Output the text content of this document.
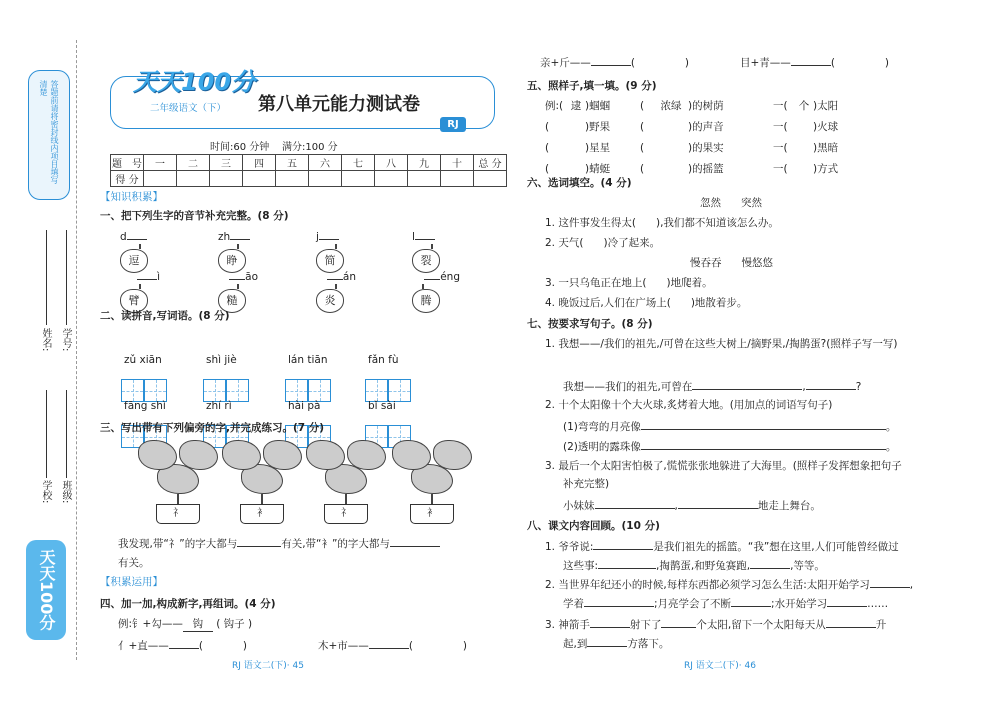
答题前请将密封线内项目填写清楚
姓名: 学号:
学校: 班级:
天天100分
天天100分
二年级语文（下） 第八单元能力测试卷
RJ
时间:60 分钟    满分:100 分
题　号	一	二	三	四	五	六	七	八	九	十	总 分
得 分											
【知识积累】
一、把下列生字的音节补充完整。(8 分)
d
逗
zh
睁
j
简
l
裂
ì
臂
āo
糙
án
炎
éng
腾
二、读拼音,写词语。(8 分)

zǔ xiān

	shì jiè

	lán tiān

	fǎn fù

fāng shì

	zhí rì

	hài pà

	bǐ sài

三、写出带有下列偏旁的字,并完成练习。(7 分)
礻	衤	礻	衤
我发现,带“礻”的字大都与	有关,带“衤”的字大都与
有关。
【积累运用】
四、加一加,构成新字,再组词。(4 分)
例:钅+勾—— 钩 ( 钩子 )
亻+直——	(	)	木+市——	(	)
RJ 语文二(下)· 45
亲+斤——	(	)	目+青——	(	)
五、照样子,填一填。(9 分)
例:( 逮 )蝈蝈	(	浓绿 )的树荫	一(	个 )太阳
(	)野果	(	)的声音	一(	)火球
(	)星星	(	)的果实	一(	)黑暗
(	)蜻蜓	(	)的摇篮	一(	)方式
六、选词填空。(4 分)
忽然      突然
1. 这件事发生得太(      ),我们都不知道该怎么办。
2. 天气(      )冷了起来。
慢吞吞      慢悠悠
3. 一只乌龟正在地上(      )地爬着。
4. 晚饭过后,人们在广场上(      )地散着步。
七、按要求写句子。(8 分)
1. 我想——/我们的祖先,/可曾在这些大树上/摘野果,/掏鹊蛋?(照样子写一写)
我想——我们的祖先,可曾在	,	?
2. 十个太阳像十个大火球,炙烤着大地。(用加点的词语写句子)
(1)弯弯的月亮像	。
(2)透明的露珠像	。
3. 最后一个太阳害怕极了,慌慌张张地躲进了大海里。(照样子发挥想象把句子
补充完整)
小妹妹	,	地走上舞台。
八、课文内容回顾。(10 分)
1. 爷爷说:	是我们祖先的摇篮。“我”想在这里,人们可能曾经做过
这些事:	,掏鹊蛋,和野兔赛跑,	,等等。
2. 当世界年纪还小的时候,每样东西都必须学习怎么生活:太阳开始学习	,
学着	;月亮学会了不断	;水开始学习	……
3. 神箭手	射下了	个太阳,留下一个太阳每天从	升
起,到	方落下。
RJ 语文二(下)· 46
